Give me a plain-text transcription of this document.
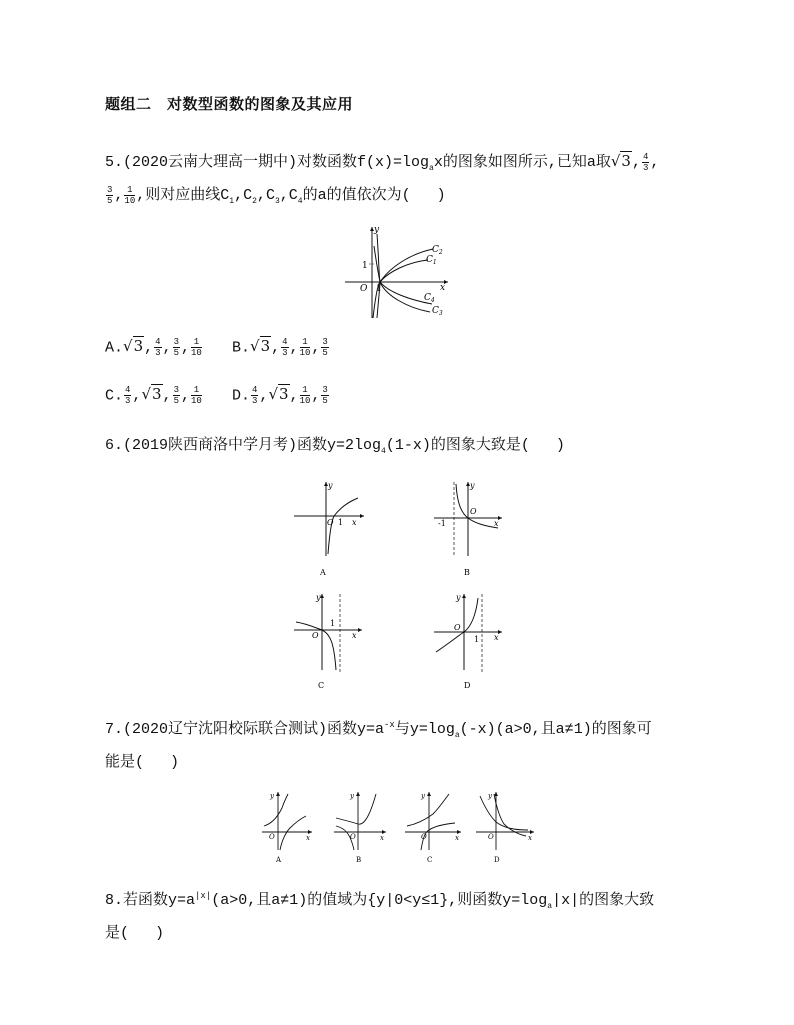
题组二　对数型函数的图象及其应用
5.(2020云南大理高一期中)对数函数$f(x)=\log_ax$的图象如图所示,已知a取√3, $\frac{4}{3}$ ,
$\frac{3}{5}$ , $\frac{1}{10}$ ,则对应曲线$C_1,C_2,C_3,C_4$的a的值依次为( )
y
x
O
1
1
$C_2$
$C_1$
$C_4$
$C_3$
A.√3, $\frac{4}{3}$ , $\frac{3}{5}$ , $\frac{1}{10} B.√3$, $\frac{4}{3}$ , $\frac{1}{10}$ , $\frac{3}{5}$
C. $\frac{4}{3} ,√3$, $\frac{3}{5}$ , $\frac{1}{10} D$. $\frac{4}{3} ,√3$, $\frac{1}{10}$ , $\frac{3}{5}$
6.(2019陕西商洛中学月考)函数$y=2\log_4(1-x)$的图象大致是( )
y
x
O 1
A
y
x
O
-1
B
y
x
O
1
C
y
x
O
1
D
7.(2020辽宁沈阳校际联合测试)函数$y=a^{-x}$与$y=\log_a(-x)(a>0$,且a≠1)的图象可
能是( )
y
x
O
A
y
x
O
B
y
x
O
C
y
x
O
D
8.若函数$y=a^{|x|}(a>0$,且a≠1)的值域为{y|0<y≤1},则函数$y=\log_a|x|$的图象大致
是( )
